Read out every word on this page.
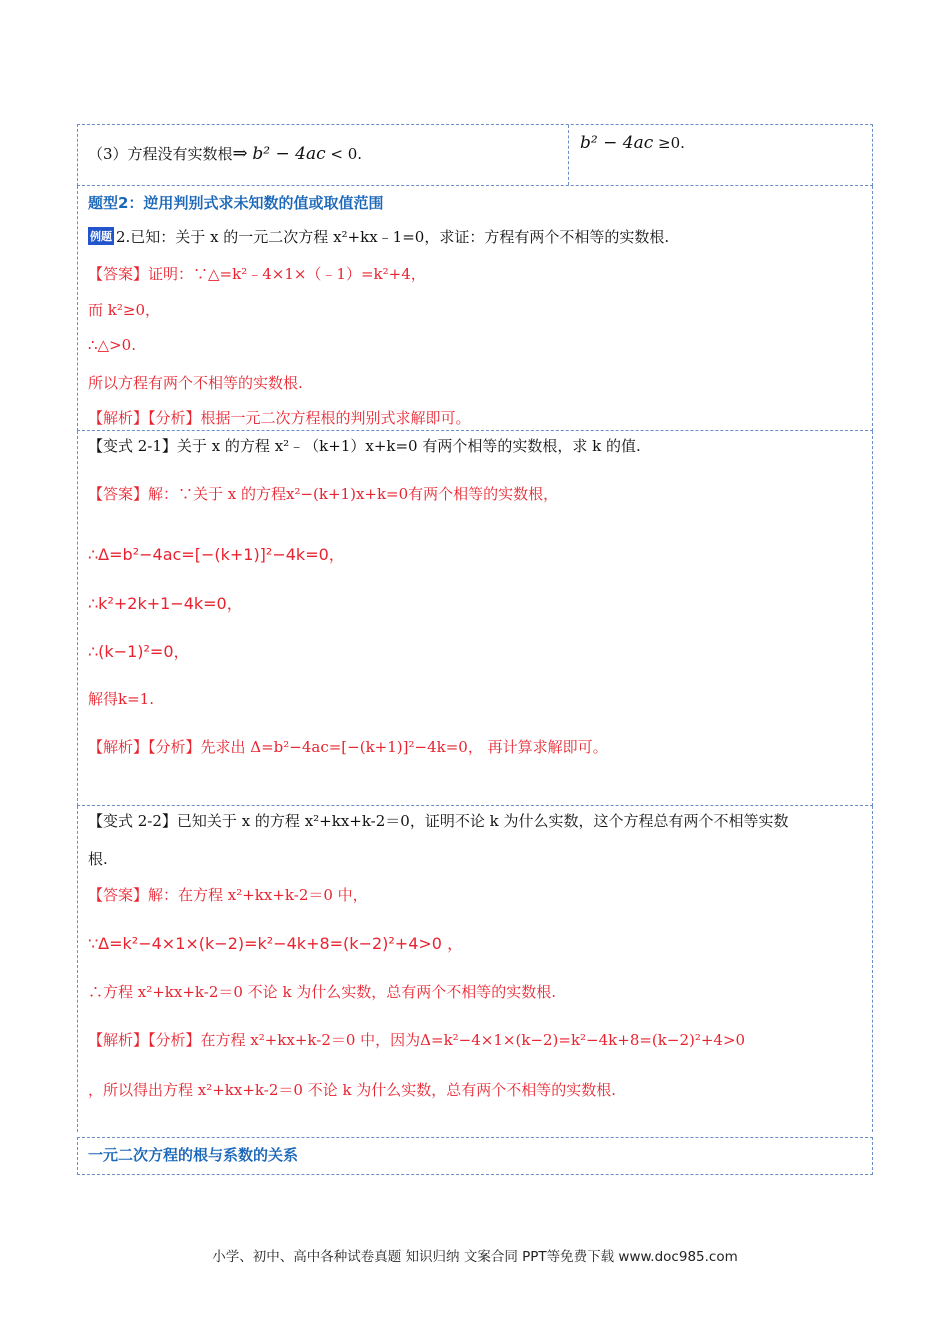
（3）方程没有实数根⇒ b² − 4ac < 0.
b² − 4ac ≥0.
题型2：逆用判别式求未知数的值或取值范围
例题 2.已知：关于 x 的一元二次方程 x²+kx﹣1=0，求证：方程有两个不相等的实数根.
【答案】证明：∵△=k²﹣4×1×（﹣1）=k²+4，
而 k²≥0，
∴△>0.
所以方程有两个不相等的实数根.
【解析】【分析】根据一元二次方程根的判别式求解即可。
【变式 2-1】关于 x 的方程 x²﹣（k+1）x+k=0 有两个相等的实数根，求 k 的值.
【答案】解：∵关于 x 的方程x²−(k+1)x+k=0有两个相等的实数根，
∴Δ=b²−4ac=[−(k+1)]²−4k=0，
∴k²+2k+1−4k=0，
∴(k−1)²=0，
解得k=1.
【解析】【分析】先求出 Δ=b²−4ac=[−(k+1)]²−4k=0， 再计算求解即可。
【变式 2-2】已知关于 x 的方程 x²+kx+k-2＝0，证明不论 k 为什么实数，这个方程总有两个不相等实数
根.
【答案】解：在方程 x²+kx+k-2＝0 中，
∵Δ=k²−4×1×(k−2)=k²−4k+8=(k−2)²+4>0 ，
∴方程 x²+kx+k-2＝0 不论 k 为什么实数，总有两个不相等的实数根.
【解析】【分析】在方程 x²+kx+k-2＝0 中，因为Δ=k²−4×1×(k−2)=k²−4k+8=(k−2)²+4>0
，所以得出方程 x²+kx+k-2＝0 不论 k 为什么实数，总有两个不相等的实数根.
一元二次方程的根与系数的关系
小学、初中、高中各种试卷真题 知识归纳 文案合同 PPT等免费下载 www.doc985.com
